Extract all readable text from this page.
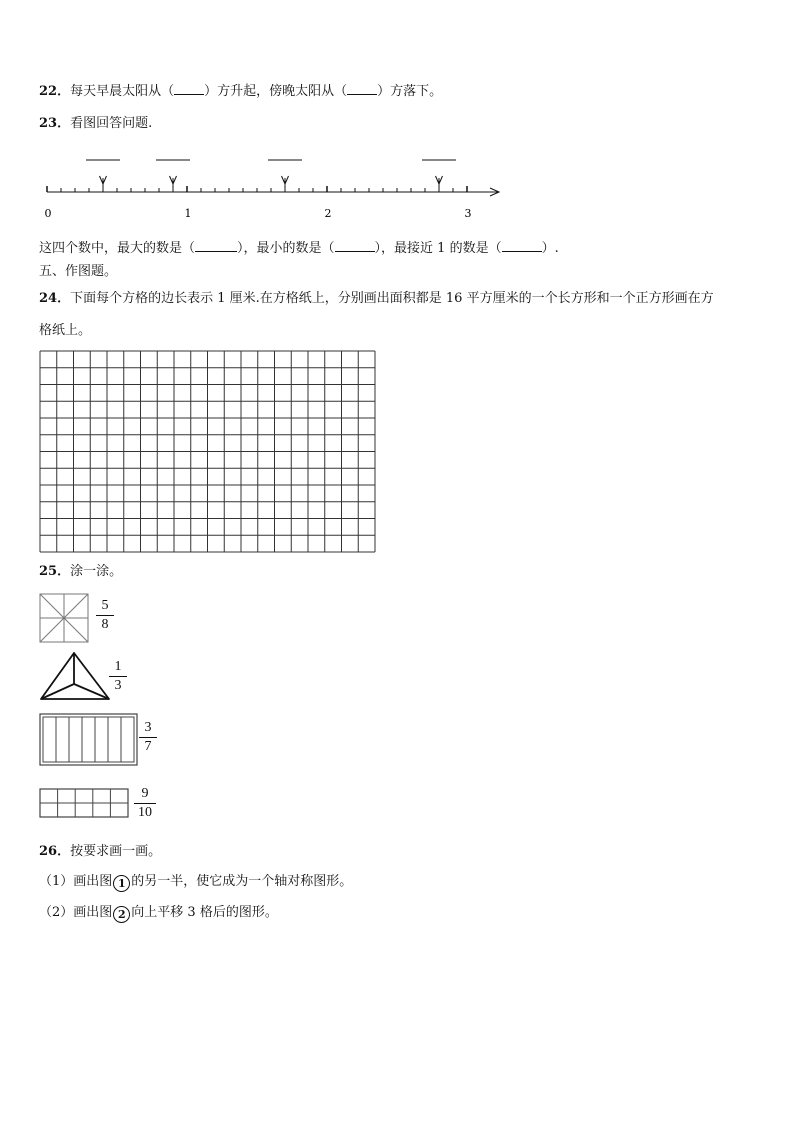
22．每天早晨太阳从（ ）方升起，傍晚太阳从（ ）方落下。
23．看图回答问题.
0	1	2	3
这四个数中，最大的数是（	），最小的数是（	），最接近 1 的数是（	）.
五、作图题。
24．下面每个方格的边长表示 1 厘米.在方格纸上，分别画出面积都是 16 平方厘米的一个长方形和一个正方形画在方
格纸上。
25．涂一涂。
5
8
1
3
3
7
9
10
26．按要求画一画。
（1）画出图 1 的另一半，使它成为一个轴对称图形。
（2）画出图 2 向上平移 3 格后的图形。
